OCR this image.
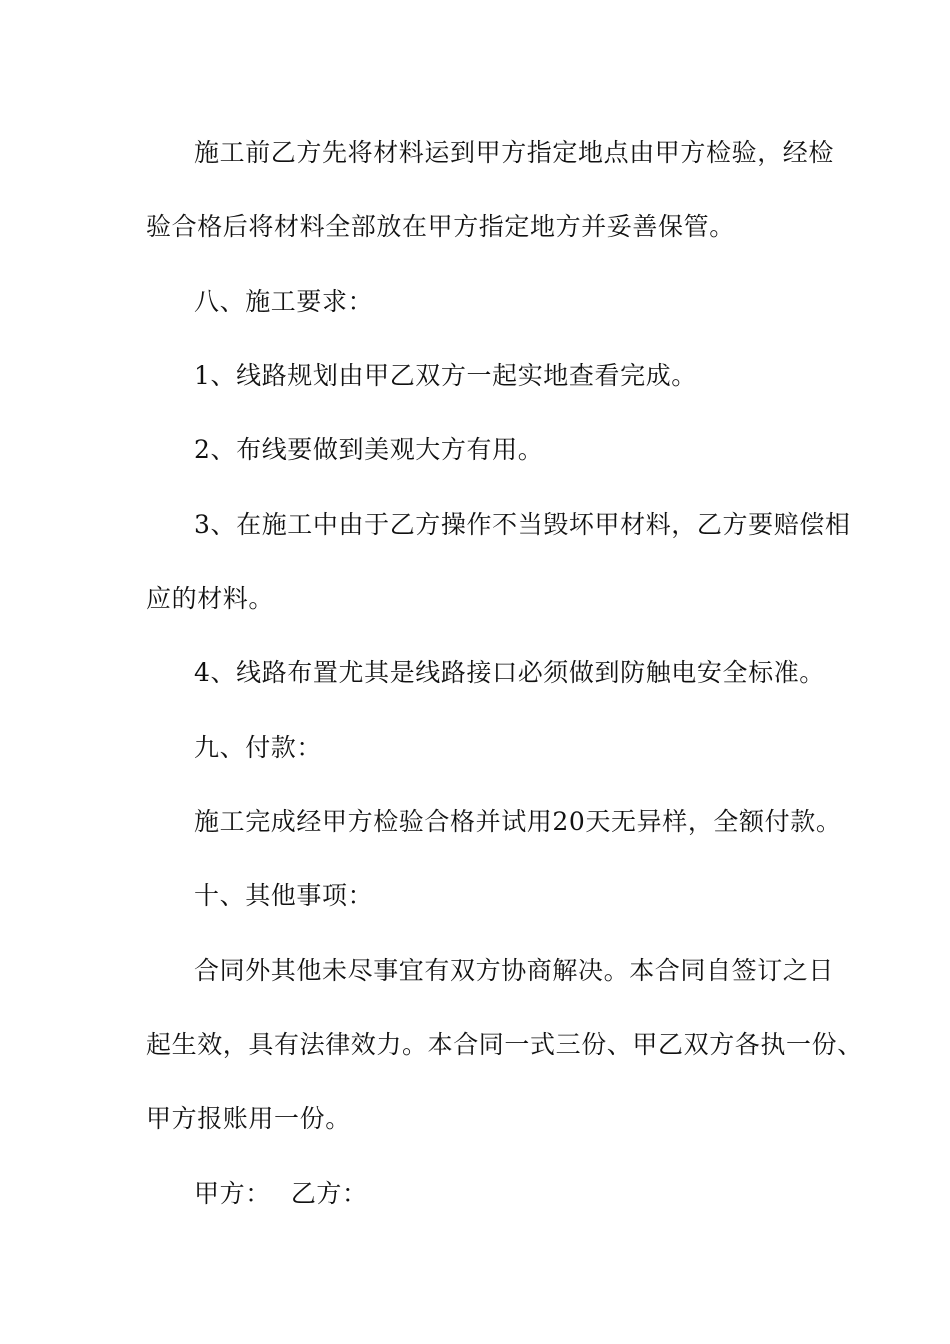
施工前乙方先将材料运到甲方指定地点由甲方检验，经检
验合格后将材料全部放在甲方指定地方并妥善保管。
八、施工要求：
1、线路规划由甲乙双方一起实地查看完成。
2、布线要做到美观大方有用。
3、在施工中由于乙方操作不当毁坏甲材料，乙方要赔偿相
应的材料。
4、线路布置尤其是线路接口必须做到防触电安全标准。
九、付款：
施工完成经甲方检验合格并试用20天无异样，全额付款。
十、其他事项：
合同外其他未尽事宜有双方协商解决。本合同自签订之日
起生效，具有法律效力。本合同一式三份、甲乙双方各执一份、
甲方报账用一份。
甲方： 乙方：
